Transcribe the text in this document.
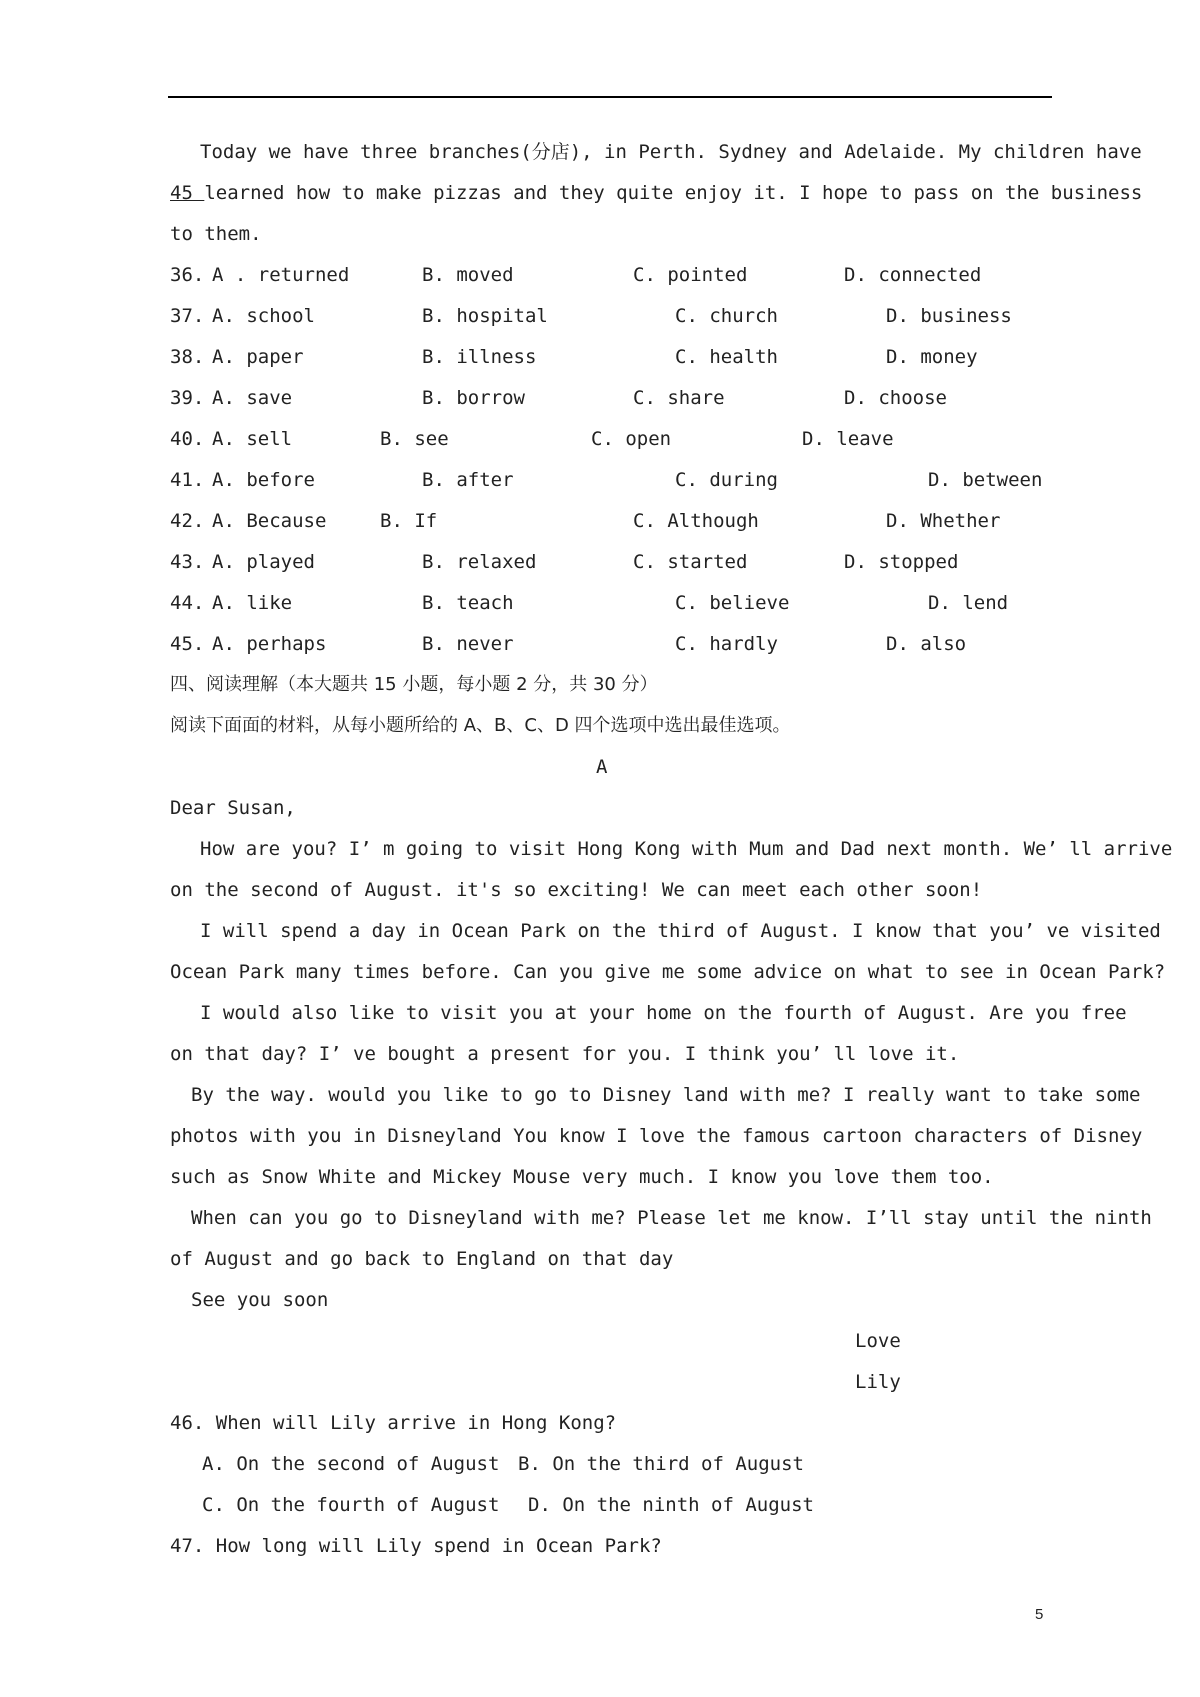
Today we have three branches(分店), in Perth. Sydney and Adelaide. My children have
45 learned how to make pizzas and they quite enjoy it. I hope to pass on the business
to them.
36. A . returned	B. moved	C. pointed	D. connected
37. A. school	B. hospital	C. church	D. business
38. A. paper	B. illness	C. health	D. money
39. A. save	B. borrow	C. share	D. choose
40. A. sell	B. see	C. open	D. leave
41. A. before	B. after	C. during	D. between
42. A. Because	B. If	C. Although	D. Whether
43. A. played	B. relaxed	C. started	D. stopped
44. A. like	B. teach	C. believe	D. lend
45. A. perhaps	B. never	C. hardly	D. also
四、阅读理解（本大题共 15 小题，每小题 2 分，共 30 分）
阅读下面面的材料，从每小题所给的 A、B、C、D 四个选项中选出最佳选项。
A
Dear Susan,
How are you? I’ m going to visit Hong Kong with Mum and Dad next month. We’ ll arrive
on the second of August. it's so exciting! We can meet each other soon!
I will spend a day in Ocean Park on the third of August. I know that you’ ve visited
Ocean Park many times before. Can you give me some advice on what to see in Ocean Park?
I would also like to visit you at your home on the fourth of August. Are you free
on that day? I’ ve bought a present for you. I think you’ ll love it.
By the way. would you like to go to Disney land with me? I really want to take some
photos with you in Disneyland You know I love the famous cartoon characters of Disney
such as Snow White and Mickey Mouse very much. I know you love them too.
When can you go to Disneyland with me? Please let me know. I’ll stay until the ninth
of August and go back to England on that day
See you soon
Love
Lily
46. When will Lily arrive in Hong Kong?
A. On the second of August B. On the third of August
C. On the fourth of August D. On the ninth of August
47. How long will Lily spend in Ocean Park?
5
